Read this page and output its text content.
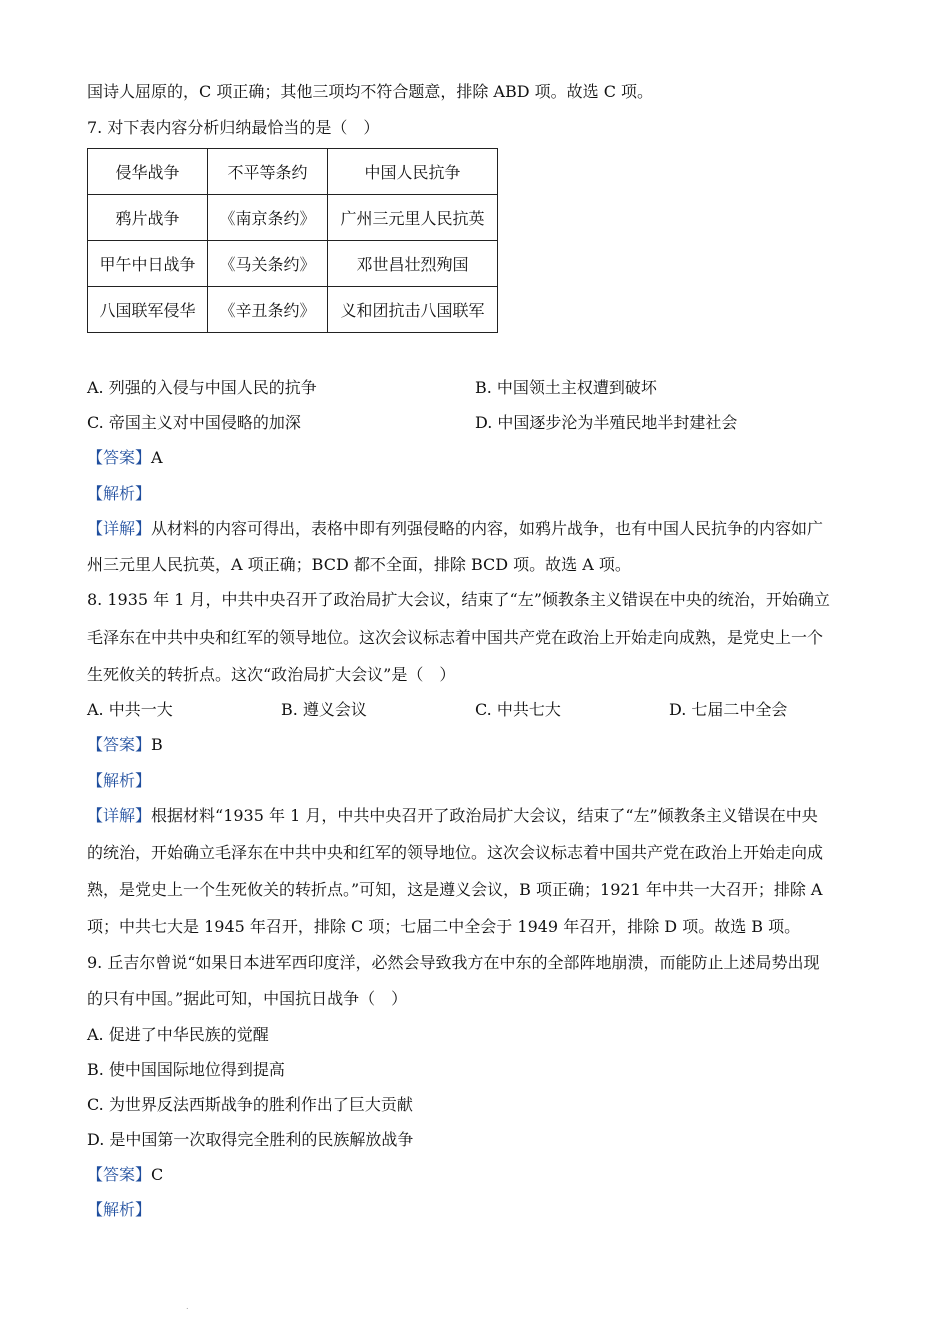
国诗人屈原的，C 项正确；其他三项均不符合题意，排除 ABD 项。故选 C 项。
7. 对下表内容分析归纳最恰当的是（　）
侵华战争	不平等条约	中国人民抗争
鸦片战争	《南京条约》	广州三元里人民抗英
甲午中日战争	《马关条约》	邓世昌壮烈殉国
八国联军侵华	《辛丑条约》	义和团抗击八国联军
A. 列强的入侵与中国人民的抗争	B. 中国领土主权遭到破坏
C. 帝国主义对中国侵略的加深	D. 中国逐步沦为半殖民地半封建社会
【答案】A
【解析】
【详解】从材料的内容可得出，表格中即有列强侵略的内容，如鸦片战争，也有中国人民抗争的内容如广
州三元里人民抗英，A 项正确；BCD 都不全面，排除 BCD 项。故选 A 项。
8. 1935 年 1 月，中共中央召开了政治局扩大会议，结束了“左”倾教条主义错误在中央的统治，开始确立
毛泽东在中共中央和红军的领导地位。这次会议标志着中国共产党在政治上开始走向成熟，是党史上一个
生死攸关的转折点。这次“政治局扩大会议”是（　）
A. 中共一大	B. 遵义会议	C. 中共七大	D. 七届二中全会
【答案】B
【解析】
【详解】根据材料“1935 年 1 月，中共中央召开了政治局扩大会议，结束了“左”倾教条主义错误在中央
的统治，开始确立毛泽东在中共中央和红军的领导地位。这次会议标志着中国共产党在政治上开始走向成
熟，是党史上一个生死攸关的转折点。”可知，这是遵义会议，B 项正确；1921 年中共一大召开；排除 A
项；中共七大是 1945 年召开，排除 C 项；七届二中全会于 1949 年召开，排除 D 项。故选 B 项。
9. 丘吉尔曾说“如果日本进军西印度洋，必然会导致我方在中东的全部阵地崩溃，而能防止上述局势出现
的只有中国。”据此可知，中国抗日战争（　）
A. 促进了中华民族的觉醒
B. 使中国国际地位得到提高
C. 为世界反法西斯战争的胜利作出了巨大贡献
D. 是中国第一次取得完全胜利的民族解放战争
【答案】C
【解析】
.
